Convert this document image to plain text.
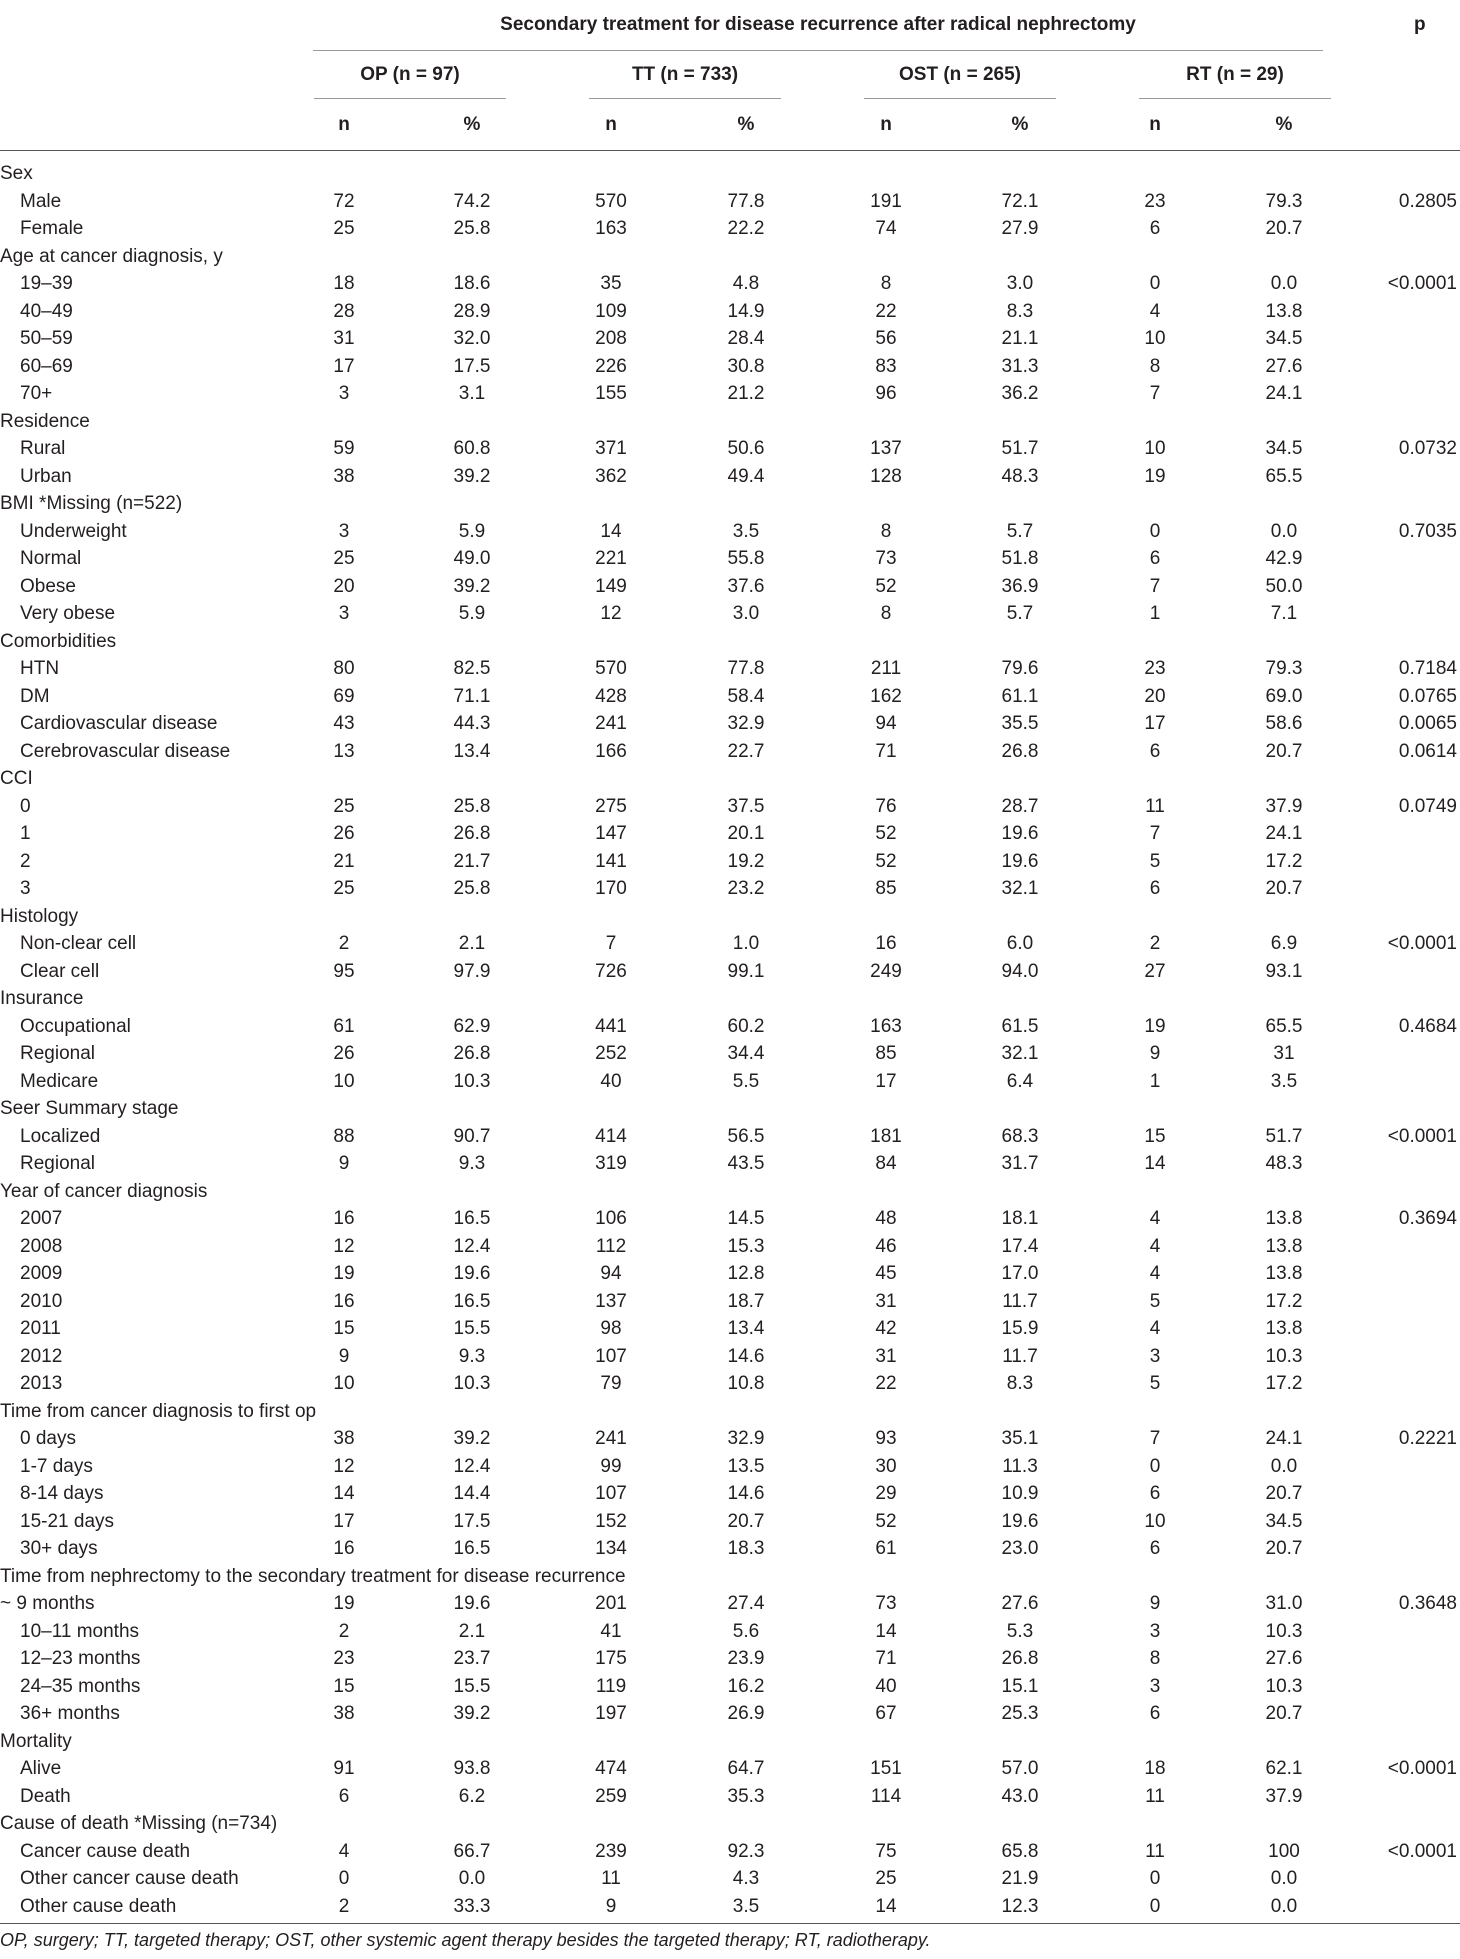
Secondary treatment for disease recurrence after radical nephrectomy	p
OP (n = 97)	TT (n = 733)	OST (n = 265)	RT (n = 29)
n	%	n	%	n	%	n	%
Sex
Male	72	74.2	570	77.8	191	72.1	23	79.3	0.2805
Female	25	25.8	163	22.2	74	27.9	6	20.7
Age at cancer diagnosis, y
19–39	18	18.6	35	4.8	8	3.0	0	0.0	<0.0001
40–49	28	28.9	109	14.9	22	8.3	4	13.8
50–59	31	32.0	208	28.4	56	21.1	10	34.5
60–69	17	17.5	226	30.8	83	31.3	8	27.6
70+	3	3.1	155	21.2	96	36.2	7	24.1
Residence
Rural	59	60.8	371	50.6	137	51.7	10	34.5	0.0732
Urban	38	39.2	362	49.4	128	48.3	19	65.5
BMI *Missing (n=522)
Underweight	3	5.9	14	3.5	8	5.7	0	0.0	0.7035
Normal	25	49.0	221	55.8	73	51.8	6	42.9
Obese	20	39.2	149	37.6	52	36.9	7	50.0
Very obese	3	5.9	12	3.0	8	5.7	1	7.1
Comorbidities
HTN	80	82.5	570	77.8	211	79.6	23	79.3	0.7184
DM	69	71.1	428	58.4	162	61.1	20	69.0	0.0765
Cardiovascular disease	43	44.3	241	32.9	94	35.5	17	58.6	0.0065
Cerebrovascular disease	13	13.4	166	22.7	71	26.8	6	20.7	0.0614
CCI
0	25	25.8	275	37.5	76	28.7	11	37.9	0.0749
1	26	26.8	147	20.1	52	19.6	7	24.1
2	21	21.7	141	19.2	52	19.6	5	17.2
3	25	25.8	170	23.2	85	32.1	6	20.7
Histology
Non-clear cell	2	2.1	7	1.0	16	6.0	2	6.9	<0.0001
Clear cell	95	97.9	726	99.1	249	94.0	27	93.1
Insurance
Occupational	61	62.9	441	60.2	163	61.5	19	65.5	0.4684
Regional	26	26.8	252	34.4	85	32.1	9	31
Medicare	10	10.3	40	5.5	17	6.4	1	3.5
Seer Summary stage
Localized	88	90.7	414	56.5	181	68.3	15	51.7	<0.0001
Regional	9	9.3	319	43.5	84	31.7	14	48.3
Year of cancer diagnosis
2007	16	16.5	106	14.5	48	18.1	4	13.8	0.3694
2008	12	12.4	112	15.3	46	17.4	4	13.8
2009	19	19.6	94	12.8	45	17.0	4	13.8
2010	16	16.5	137	18.7	31	11.7	5	17.2
2011	15	15.5	98	13.4	42	15.9	4	13.8
2012	9	9.3	107	14.6	31	11.7	3	10.3
2013	10	10.3	79	10.8	22	8.3	5	17.2
Time from cancer diagnosis to first op
0 days	38	39.2	241	32.9	93	35.1	7	24.1	0.2221
1-7 days	12	12.4	99	13.5	30	11.3	0	0.0
8-14 days	14	14.4	107	14.6	29	10.9	6	20.7
15-21 days	17	17.5	152	20.7	52	19.6	10	34.5
30+ days	16	16.5	134	18.3	61	23.0	6	20.7
Time from nephrectomy to the secondary treatment for disease recurrence
~ 9 months	19	19.6	201	27.4	73	27.6	9	31.0	0.3648
10–11 months	2	2.1	41	5.6	14	5.3	3	10.3
12–23 months	23	23.7	175	23.9	71	26.8	8	27.6
24–35 months	15	15.5	119	16.2	40	15.1	3	10.3
36+ months	38	39.2	197	26.9	67	25.3	6	20.7
Mortality
Alive	91	93.8	474	64.7	151	57.0	18	62.1	<0.0001
Death	6	6.2	259	35.3	114	43.0	11	37.9
Cause of death *Missing (n=734)
Cancer cause death	4	66.7	239	92.3	75	65.8	11	100	<0.0001
Other cancer cause death	0	0.0	11	4.3	25	21.9	0	0.0
Other cause death	2	33.3	9	3.5	14	12.3	0	0.0
OP, surgery; TT, targeted therapy; OST, other systemic agent therapy besides the targeted therapy; RT, radiotherapy.
